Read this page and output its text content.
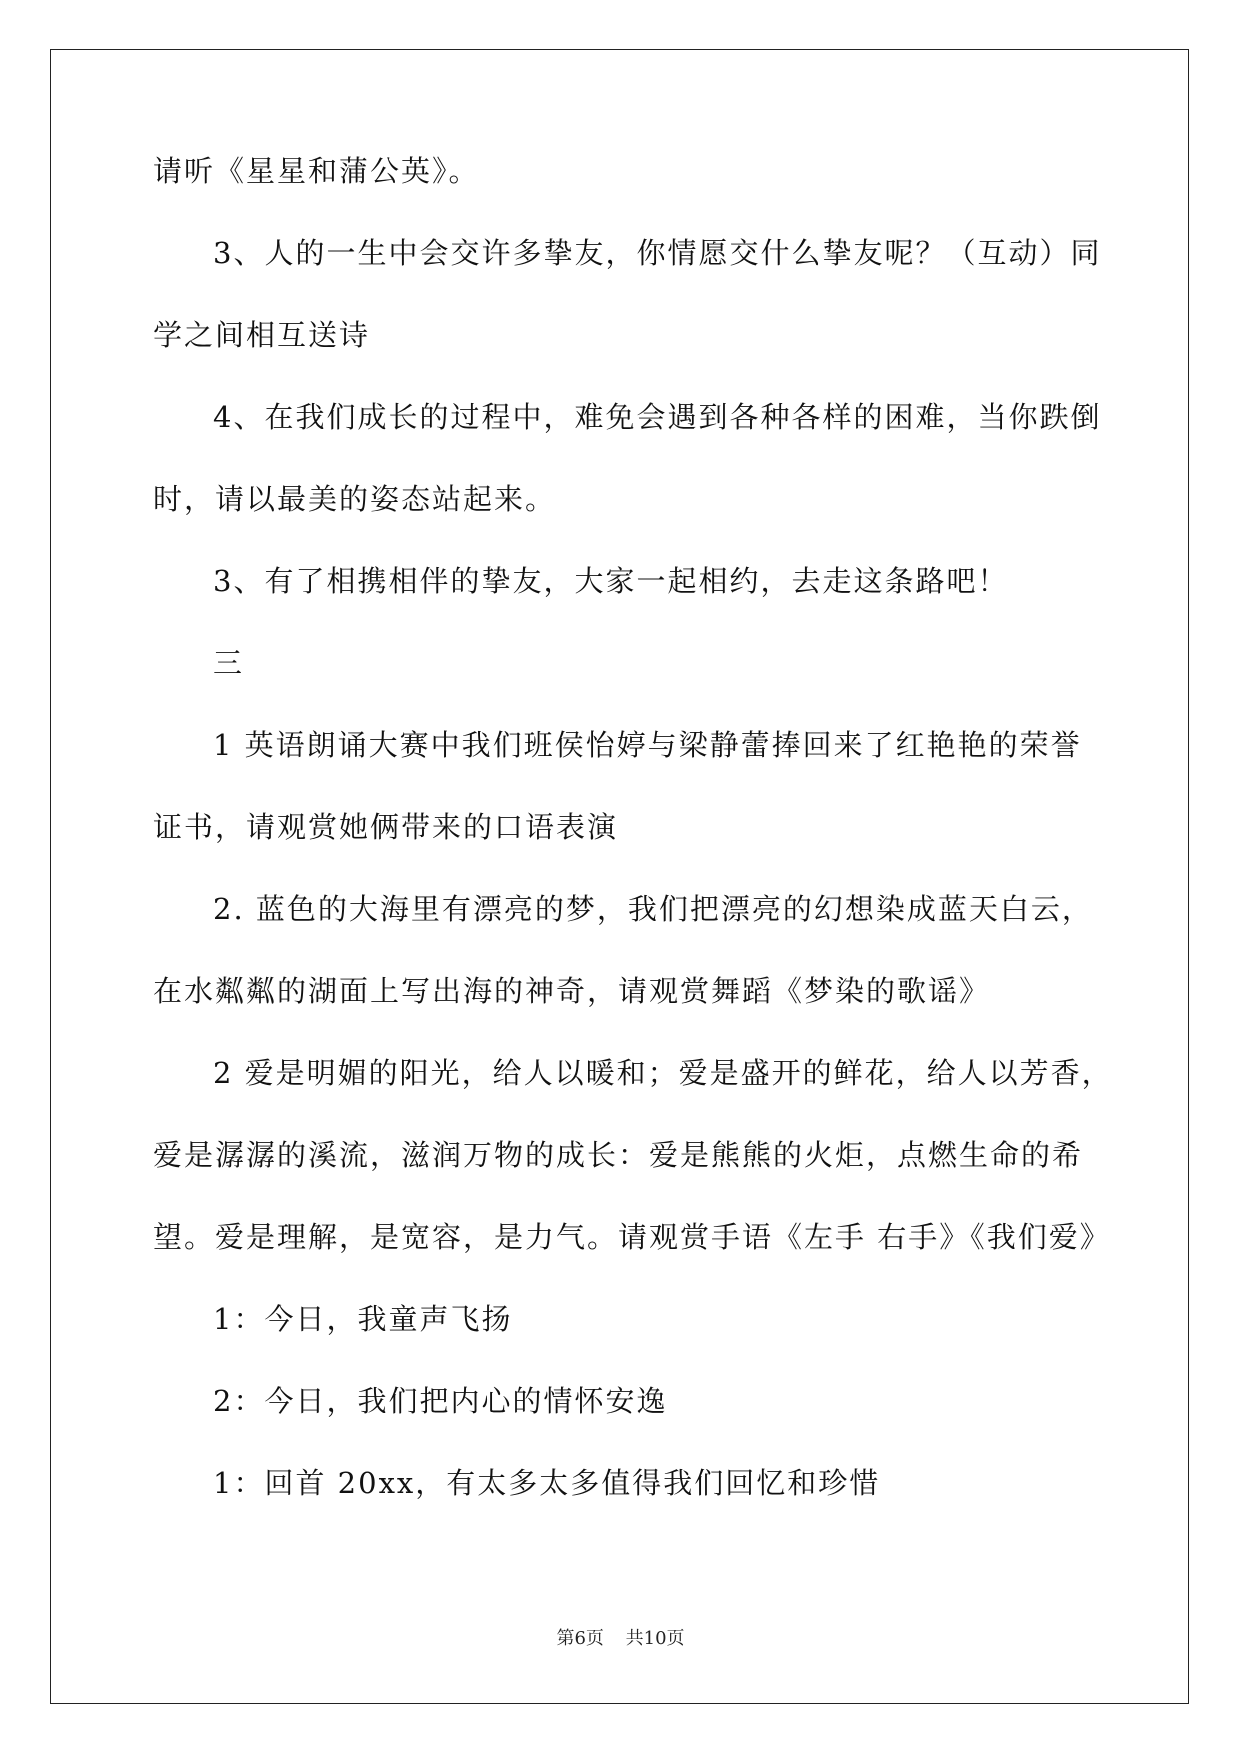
请听《星星和蒲公英》。
3、人的一生中会交许多挚友，你情愿交什么挚友呢？（互动）同
学之间相互送诗
4、在我们成长的过程中，难免会遇到各种各样的困难，当你跌倒
时，请以最美的姿态站起来。
3、有了相携相伴的挚友，大家一起相约，去走这条路吧！
三
1 英语朗诵大赛中我们班侯怡婷与梁静蕾捧回来了红艳艳的荣誉
证书，请观赏她俩带来的口语表演
2. 蓝色的大海里有漂亮的梦，我们把漂亮的幻想染成蓝天白云，
在水粼粼的湖面上写出海的神奇，请观赏舞蹈《梦染的歌谣》
2 爱是明媚的阳光，给人以暖和；爱是盛开的鲜花，给人以芳香，
爱是潺潺的溪流，滋润万物的成长：爱是熊熊的火炬，点燃生命的希
望。爱是理解，是宽容，是力气。请观赏手语《左手 右手》《我们爱》
1：今日，我童声飞扬
2：今日，我们把内心的情怀安逸
1：回首 20xx，有太多太多值得我们回忆和珍惜
第6页 共10页
